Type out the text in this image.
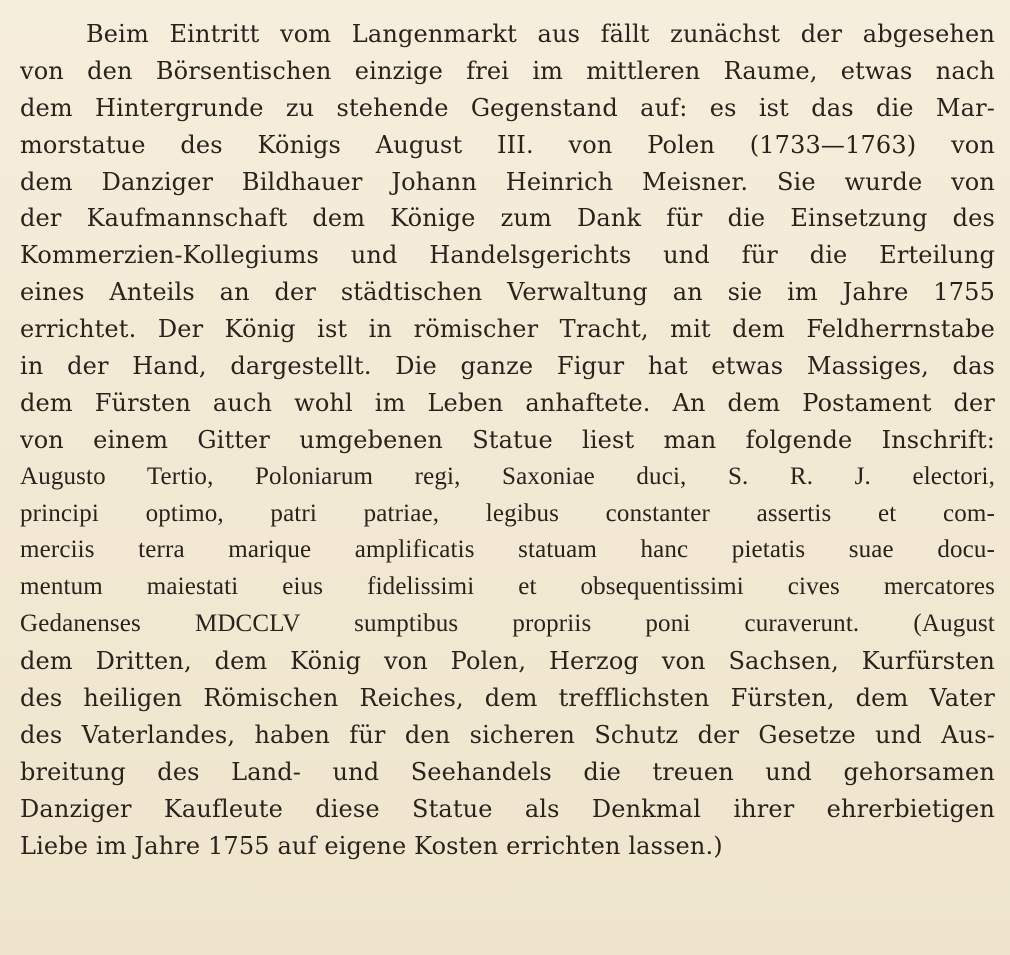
Beim Eintritt vom Langenmarkt aus fällt zunächst der abgesehen
von den Börsentischen einzige frei im mittleren Raume, etwas nach
dem Hintergrunde zu stehende Gegenstand auf: es ist das die Mar-
morstatue des Königs August III. von Polen (1733—1763) von
dem Danziger Bildhauer Johann Heinrich Meisner. Sie wurde von
der Kaufmannschaft dem Könige zum Dank für die Einsetzung des
Kommerzien-Kollegiums und Handelsgerichts und für die Erteilung
eines Anteils an der städtischen Verwaltung an sie im Jahre 1755
errichtet. Der König ist in römischer Tracht, mit dem Feldherrnstabe
in der Hand, dargestellt. Die ganze Figur hat etwas Massiges, das
dem Fürsten auch wohl im Leben anhaftete. An dem Postament der
von einem Gitter umgebenen Statue liest man folgende Inschrift:
Augusto Tertio, Poloniarum regi, Saxoniae duci, S. R. J. electori,
principi optimo, patri patriae, legibus constanter assertis et com-
merciis terra marique amplificatis statuam hanc pietatis suae docu-
mentum maiestati eius fidelissimi et obsequentissimi cives mercatores
Gedanenses MDCCLV sumptibus propriis poni curaverunt. (August
dem Dritten, dem König von Polen, Herzog von Sachsen, Kurfürsten
des heiligen Römischen Reiches, dem trefflichsten Fürsten, dem Vater
des Vaterlandes, haben für den sicheren Schutz der Gesetze und Aus-
breitung des Land- und Seehandels die treuen und gehorsamen
Danziger Kaufleute diese Statue als Denkmal ihrer ehrerbietigen
Liebe im Jahre 1755 auf eigene Kosten errichten lassen.)
